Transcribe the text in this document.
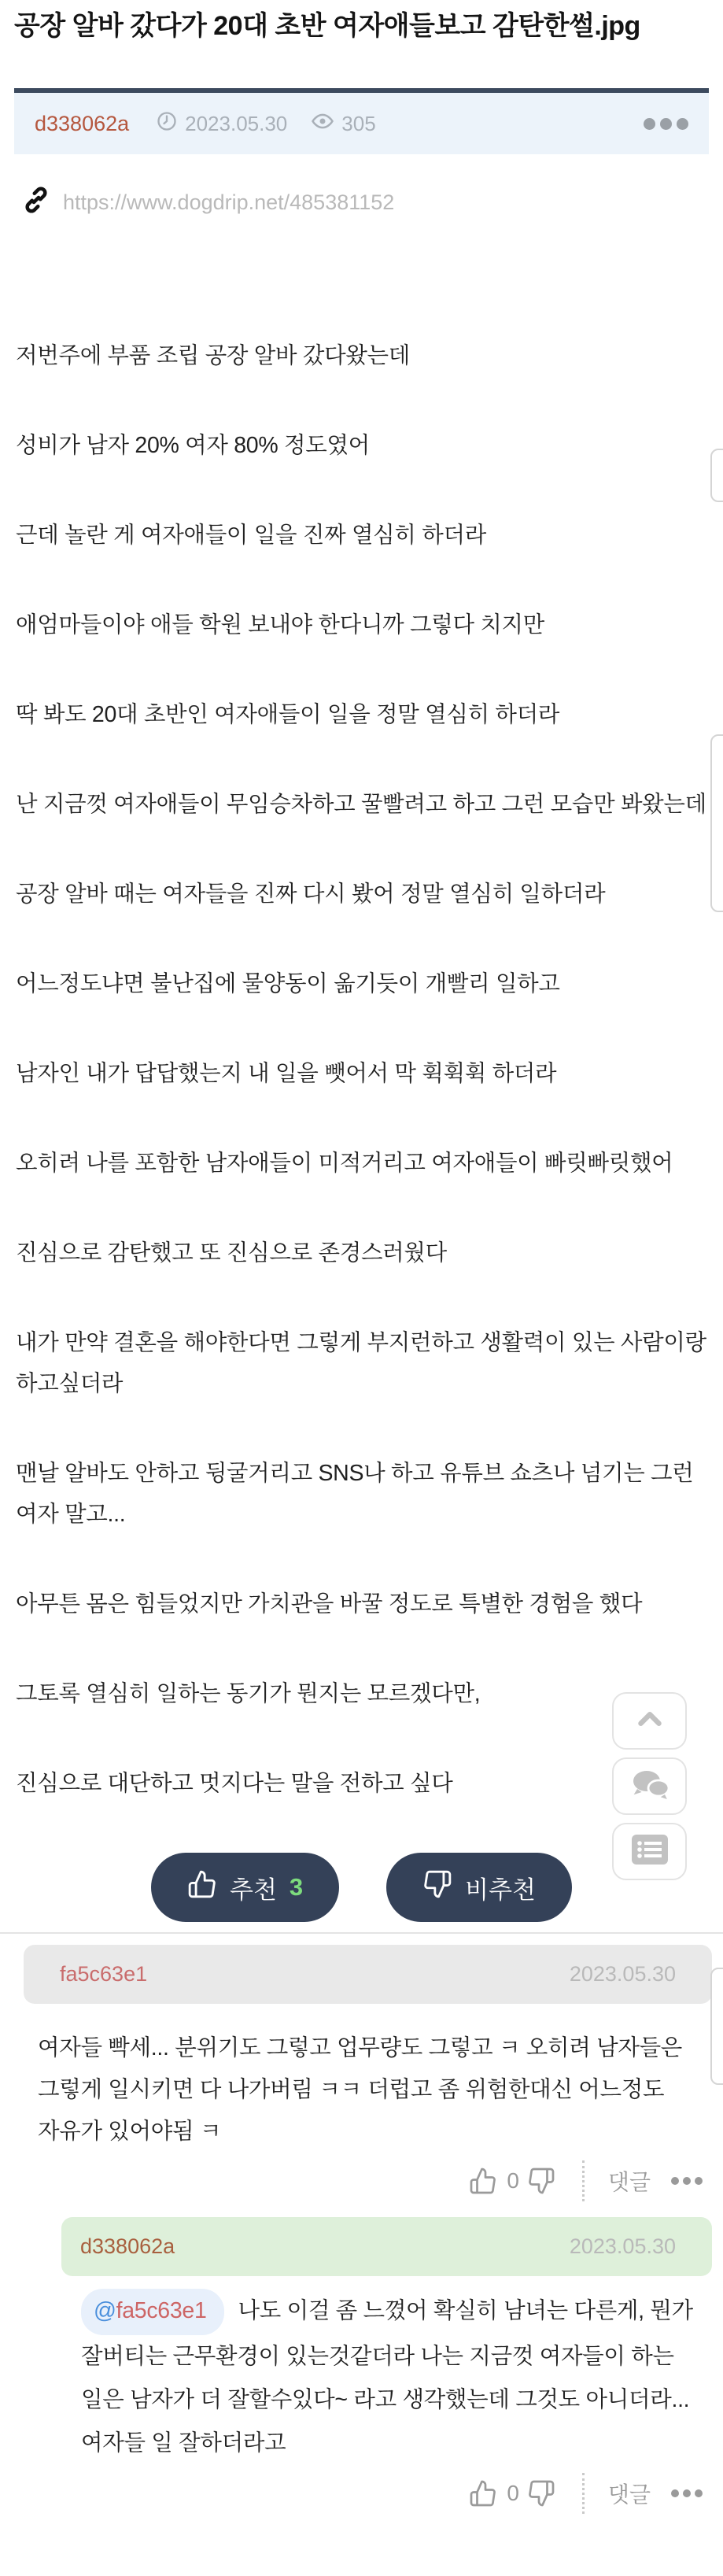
공장 알바 갔다가 20대 초반 여자애들보고 감탄한썰.jpg
d338062a	2023.05.30	305
https://www.dogdrip.net/485381152

저번주에 부품 조립 공장 알바 갔다왔는데

성비가 남자 20% 여자 80% 정도였어

근데 놀란 게 여자애들이 일을 진짜 열심히 하더라

애엄마들이야 애들 학원 보내야 한다니까 그렇다 치지만

딱 봐도 20대 초반인 여자애들이 일을 정말 열심히 하더라

난 지금껏 여자애들이 무임승차하고 꿀빨려고 하고 그런 모습만 봐왔는데

공장 알바 때는 여자들을 진짜 다시 봤어 정말 열심히 일하더라

어느정도냐면 불난집에 물양동이 옮기듯이 개빨리 일하고

남자인 내가 답답했는지 내 일을 뺏어서 막 휙휙휙 하더라

오히려 나를 포함한 남자애들이 미적거리고 여자애들이 빠릿빠릿했어

진심으로 감탄했고 또 진심으로 존경스러웠다

내가 만약 결혼을 해야한다면 그렇게 부지런하고 생활력이 있는 사람이랑 하고싶더라

맨날 알바도 안하고 뒹굴거리고 SNS나 하고 유튜브 쇼츠나 넘기는 그런 여자 말고...

아무튼 몸은 힘들었지만 가치관을 바꿀 정도로 특별한 경험을 했다

그토록 열심히 일하는 동기가 뭔지는 모르겠다만,

진심으로 대단하고 멋지다는 말을 전하고 싶다

추천 3	비추천
fa5c63e1	2023.05.30
여자들 빡세... 분위기도 그렇고 업무량도 그렇고 ㅋ 오히려 남자들은 그렇게 일시키면 다 나가버림 ㅋㅋ 더럽고 좀 위험한대신 어느정도 자유가 있어야됨 ㅋ
0	댓글
d338062a	2023.05.30
@fa5c63e1 나도 이걸 좀 느꼈어 확실히 남녀는 다른게, 뭔가 잘버티는 근무환경이 있는것같더라 나는 지금껏 여자들이 하는 일은 남자가 더 잘할수있다~ 라고 생각했는데 그것도 아니더라... 여자들 일 잘하더라고
0	댓글
